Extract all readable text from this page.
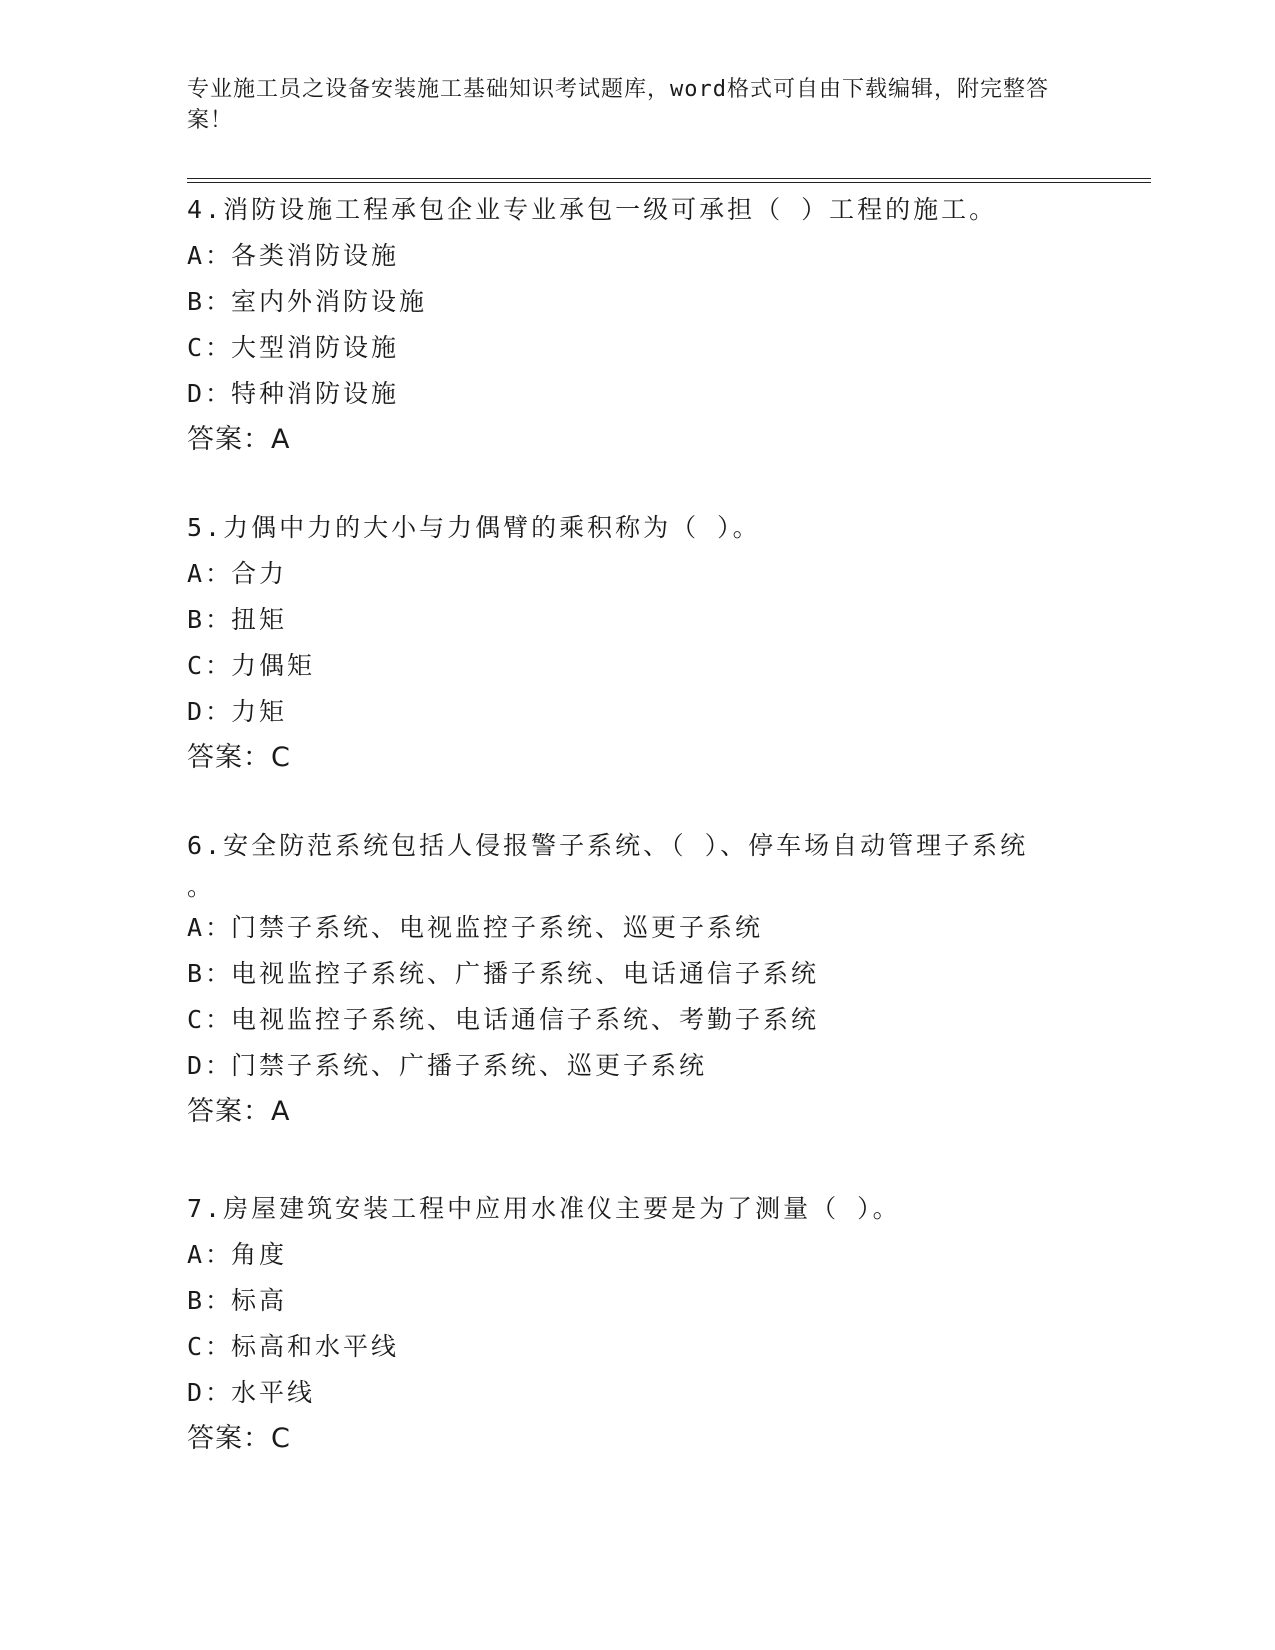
专业施工员之设备安装施工基础知识考试题库，word格式可自由下载编辑，附完整答案！

4.消防设施工程承包企业专业承包一级可承担（ ）工程的施工。

A：各类消防设施

B：室内外消防设施

C：大型消防设施

D：特种消防设施

答案：A

5.力偶中力的大小与力偶臂的乘积称为（ ）。

A：合力

B：扭矩

C：力偶矩

D：力矩

答案：C

6.安全防范系统包括人侵报警子系统、（ ）、停车场自动管理子系统

。

A：门禁子系统、电视监控子系统、巡更子系统

B：电视监控子系统、广播子系统、电话通信子系统

C：电视监控子系统、电话通信子系统、考勤子系统

D：门禁子系统、广播子系统、巡更子系统

答案：A

7.房屋建筑安装工程中应用水准仪主要是为了测量（ ）。

A：角度

B：标高

C：标高和水平线

D：水平线

答案：C
